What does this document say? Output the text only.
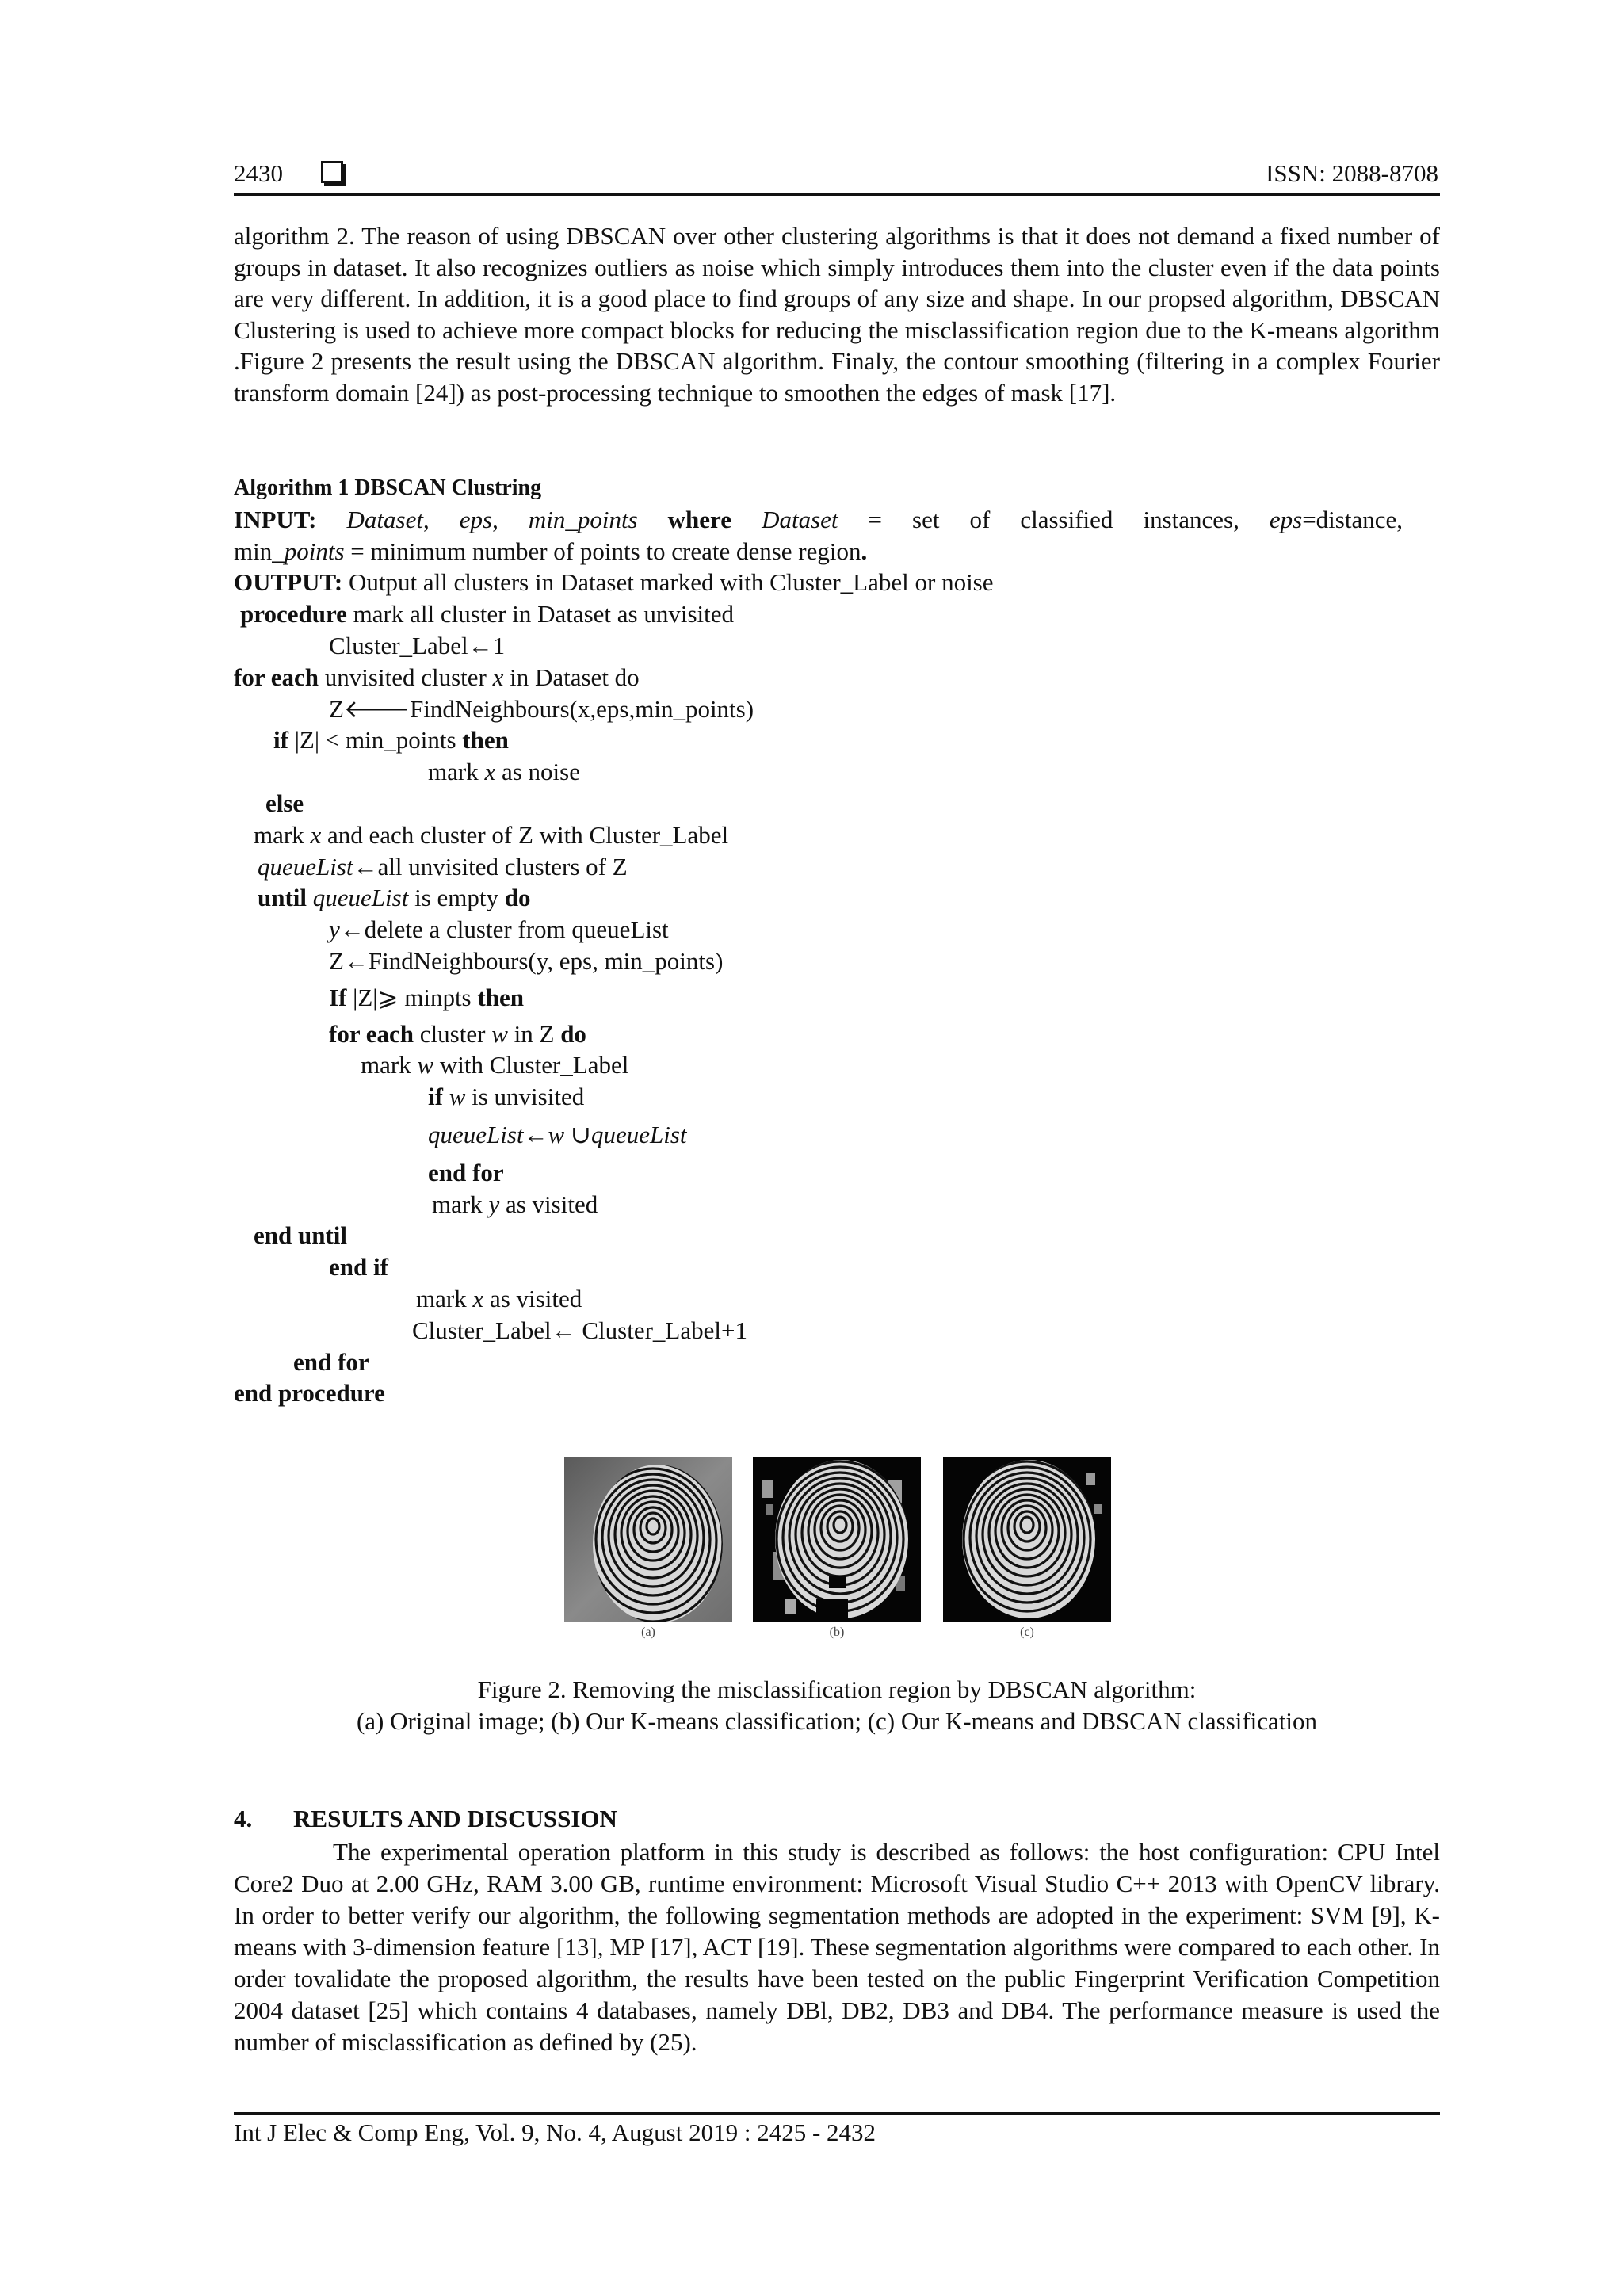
2430	ISSN: 2088-8708

algorithm 2. The reason of using DBSCAN over other clustering algorithms is that it does not demand a fixed number of groups in dataset. It also recognizes outliers as noise which simply introduces them into the cluster even if the data points are very different. In addition, it is a good place to find groups of any size and shape. In our propsed algorithm, DBSCAN Clustering is used to achieve more compact blocks for reducing the misclassification region due to the K-means algorithm .Figure 2 presents the result using the DBSCAN algorithm. Finaly, the contour smoothing (filtering in a complex Fourier transform domain [24]) as post-processing technique to smoothen the edges of mask [17].

Algorithm 1 DBSCAN Clustring
INPUT: Dataset, eps, min_points where Dataset = set of classified instances, eps=distance,
min_points = minimum number of points to create dense region.
OUTPUT: Output all clusters in Dataset marked with Cluster_Label or noise
procedure mark all cluster in Dataset as unvisited
Cluster_Label←1
for each unvisited cluster x in Dataset do
Z🡐FindNeighbours(x,eps,min_points)
if |Z| < min_points then
mark x as noise
else
mark x and each cluster of Z with Cluster_Label
queueList←all unvisited clusters of Z
until queueList is empty do
y←delete a cluster from queueList
Z←FindNeighbours(y, eps, min_points)
If |Z|⩾ minpts then
for each cluster w in Z do
mark w with Cluster_Label
if w is unvisited
queueList←w ∪queueList
end for
mark y as visited
end until
end if
mark x as visited
Cluster_Label← Cluster_Label+1
end for
end procedure
(a)	(b)	(c)

Figure 2. Removing the misclassification region by DBSCAN algorithm:

(a) Original image; (b) Our K-means classification; (c) Our K-means and DBSCAN classification

4. RESULTS AND DISCUSSION

The experimental operation platform in this study is described as follows: the host configuration: CPU Intel Core2 Duo at 2.00 GHz, RAM 3.00 GB, runtime environment: Microsoft Visual Studio C++ 2013 with OpenCV library. In order to better verify our algorithm, the following segmentation methods are adopted in the experiment: SVM [9], K-means with 3-dimension feature [13], MP [17], ACT [19]. These segmentation algorithms were compared to each other. In order tovalidate the proposed algorithm, the results have been tested on the public Fingerprint Verification Competition 2004 dataset [25] which contains 4 databases, namely DBl, DB2, DB3 and DB4. The performance measure is used the number of misclassification as defined by (25).

Int J Elec & Comp Eng, Vol. 9, No. 4, August 2019 : 2425 - 2432
